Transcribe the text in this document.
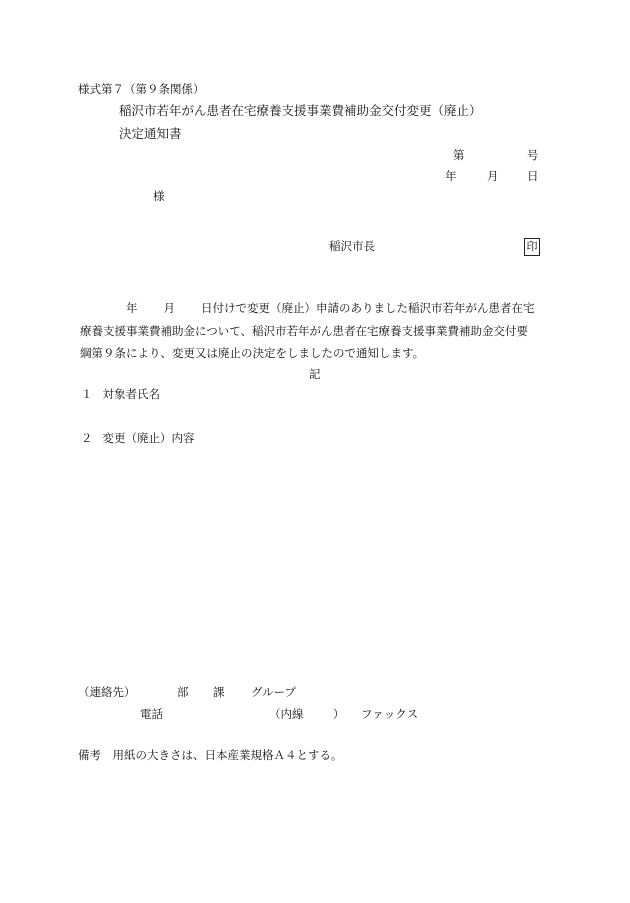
様式第７（第９条関係）
稲沢市若年がん患者在宅療養支援事業費補助金交付変更（廃止）
決定通知書
第	号
年	月 日
様
稲沢市長	印

年 月 日付けで変更（廃止）申請のありました稲沢市若年がん患者在宅

療養支援事業費補助金について、稲沢市若年がん患者在宅療養支援事業費補助金交付要

綱第９条により、変更又は廃止の決定をしましたので通知します。

記
１ 対象者氏名
２ 変更（廃止）内容
（連絡先）	部 課 グループ
電話	（内線	） ファックス
備考　用紙の大きさは、日本産業規格Ａ４とする。
